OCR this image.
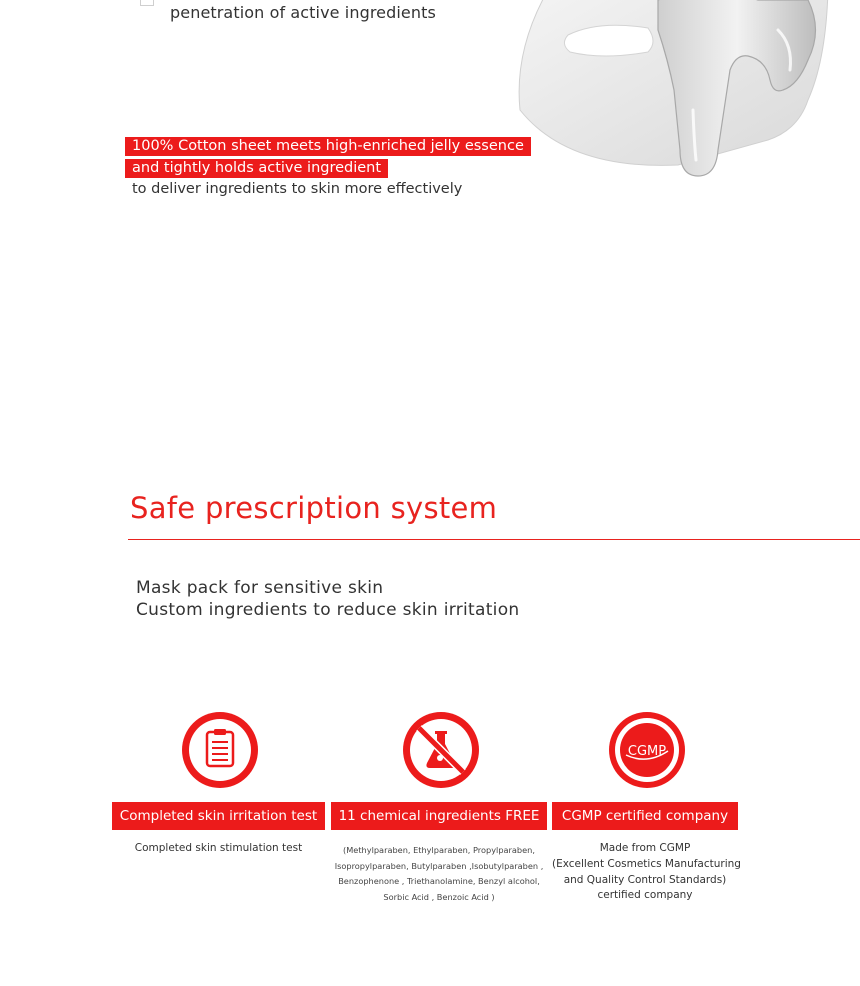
penetration of active ingredients
100% Cotton sheet meets high-enriched jelly essence
and tightly holds active ingredient
to deliver ingredients to skin more effectively
Safe prescription system
Mask pack for sensitive skin
Custom ingredients to reduce skin irritation
Completed skin irritation test
Completed skin stimulation test
11 chemical ingredients FREE
(Methylparaben, Ethylparaben, Propylparaben,
Isopropylparaben, Butylparaben ,Isobutylparaben ,
Benzophenone , Triethanolamine, Benzyl alcohol,
Sorbic Acid , Benzoic Acid )
CGMP
CGMP certified company
Made from CGMP
(Excellent Cosmetics Manufacturing
and Quality Control Standards)
certified company
